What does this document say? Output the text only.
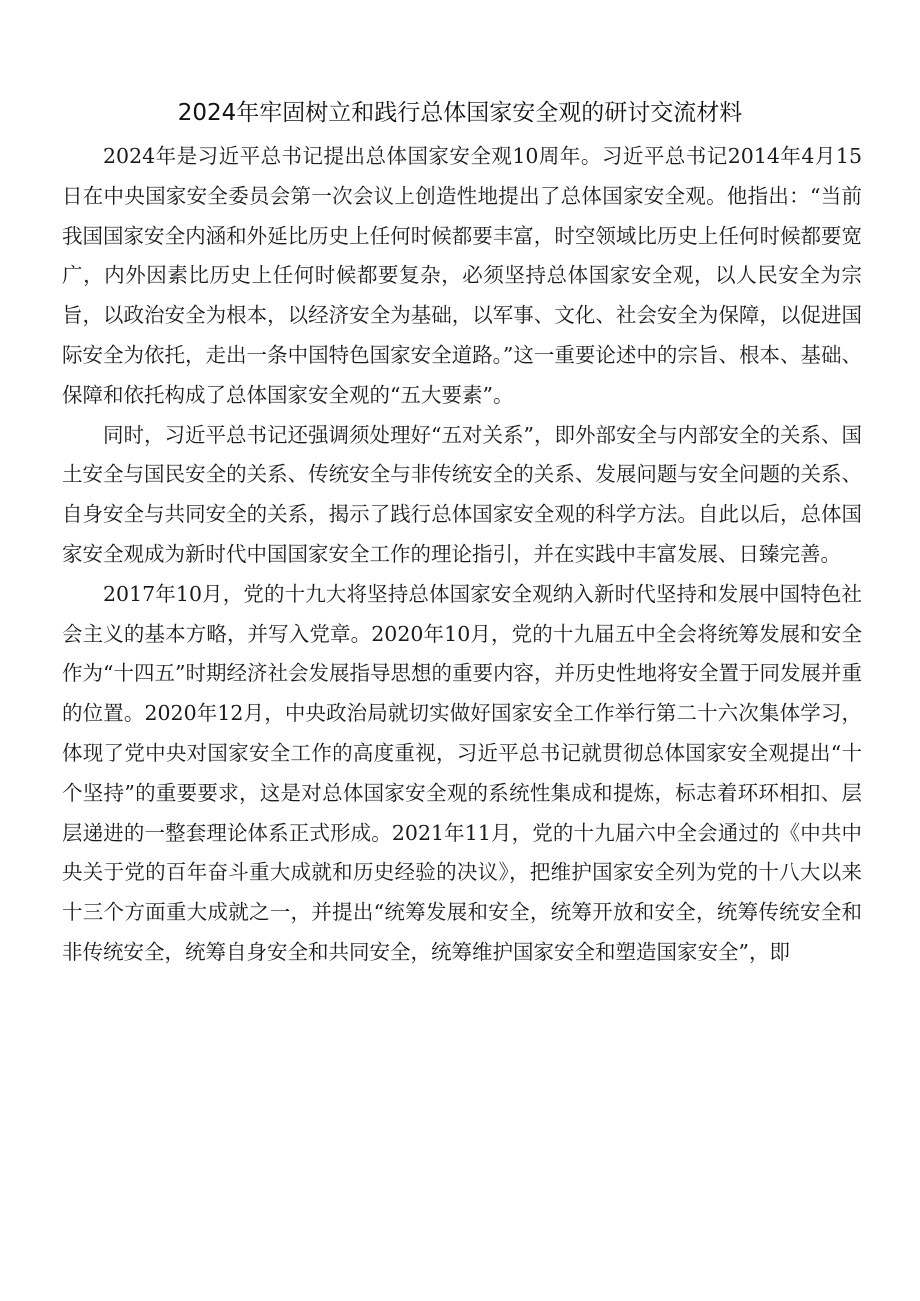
2024年牢固树立和践行总体国家安全观的研讨交流材料

2024年是习近平总书记提出总体国家安全观10周年。习近平总书记2014年4月15日在中央国家安全委员会第一次会议上创造性地提出了总体国家安全观。他指出：“当前我国国家安全内涵和外延比历史上任何时候都要丰富，时空领域比历史上任何时候都要宽广，内外因素比历史上任何时候都要复杂，必须坚持总体国家安全观，以人民安全为宗旨，以政治安全为根本，以经济安全为基础，以军事、文化、社会安全为保障，以促进国际安全为依托，走出一条中国特色国家安全道路。”这一重要论述中的宗旨、根本、基础、保障和依托构成了总体国家安全观的“五大要素”。

同时，习近平总书记还强调须处理好“五对关系”，即外部安全与内部安全的关系、国土安全与国民安全的关系、传统安全与非传统安全的关系、发展问题与安全问题的关系、自身安全与共同安全的关系，揭示了践行总体国家安全观的科学方法。自此以后，总体国家安全观成为新时代中国国家安全工作的理论指引，并在实践中丰富发展、日臻完善。

2017年10月，党的十九大将坚持总体国家安全观纳入新时代坚持和发展中国特色社会主义的基本方略，并写入党章。2020年10月，党的十九届五中全会将统筹发展和安全作为“十四五”时期经济社会发展指导思想的重要内容，并历史性地将安全置于同发展并重的位置。2020年12月，中央政治局就切实做好国家安全工作举行第二十六次集体学习，体现了党中央对国家安全工作的高度重视，习近平总书记就贯彻总体国家安全观提出“十个坚持”的重要要求，这是对总体国家安全观的系统性集成和提炼，标志着环环相扣、层层递进的一整套理论体系正式形成。2021年11月，党的十九届六中全会通过的《中共中央关于党的百年奋斗重大成就和历史经验的决议》，把维护国家安全列为党的十八大以来十三个方面重大成就之一，并提出“统筹发展和安全，统筹开放和安全，统筹传统安全和非传统安全，统筹自身安全和共同安全，统筹维护国家安全和塑造国家安全”，即
